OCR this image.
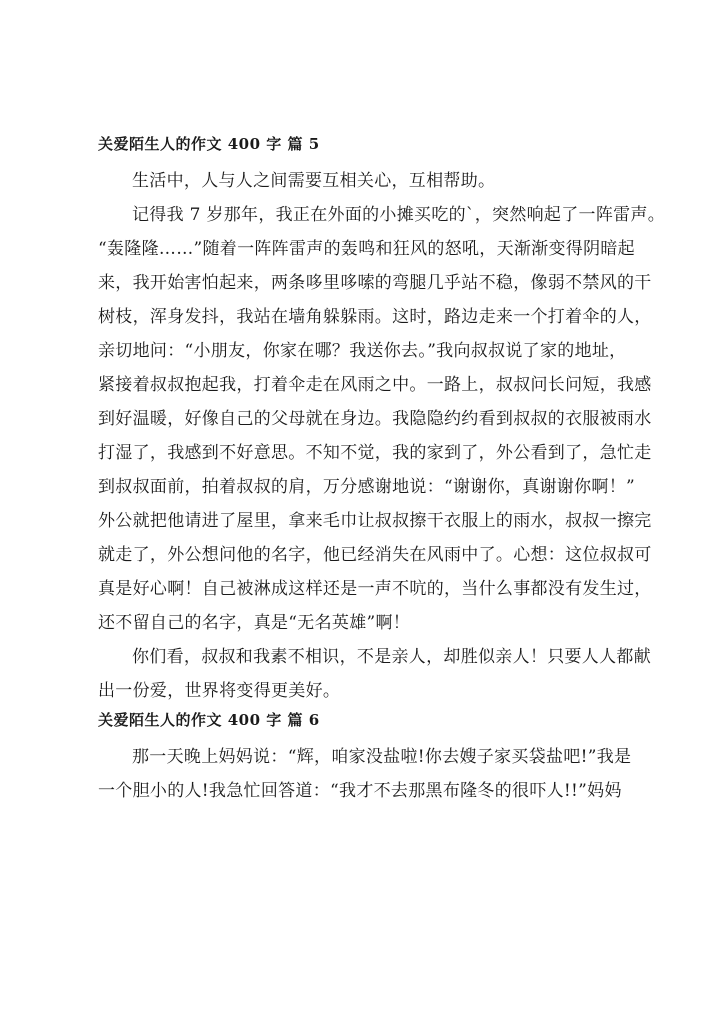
关爱陌生人的作文 400 字 篇 5

生活中，人与人之间需要互相关心，互相帮助。

记得我 7 岁那年，我正在外面的小摊买吃的`，突然响起了一阵雷声。
“轰隆隆……”随着一阵阵雷声的轰鸣和狂风的怒吼，天渐渐变得阴暗起
来，我开始害怕起来，两条哆里哆嗦的弯腿几乎站不稳，像弱不禁风的干
树枝，浑身发抖，我站在墙角躲躲雨。这时，路边走来一个打着伞的人，
亲切地问：“小朋友，你家在哪？我送你去。”我向叔叔说了家的地址，
紧接着叔叔抱起我，打着伞走在风雨之中。一路上，叔叔问长问短，我感
到好温暖，好像自己的父母就在身边。我隐隐约约看到叔叔的衣服被雨水
打湿了，我感到不好意思。不知不觉，我的家到了，外公看到了，急忙走
到叔叔面前，拍着叔叔的肩，万分感谢地说：“谢谢你，真谢谢你啊！”
外公就把他请进了屋里，拿来毛巾让叔叔擦干衣服上的雨水，叔叔一擦完
就走了，外公想问他的名字，他已经消失在风雨中了。心想：这位叔叔可
真是好心啊！自己被淋成这样还是一声不吭的，当什么事都没有发生过，
还不留自己的名字，真是“无名英雄”啊！

你们看，叔叔和我素不相识，不是亲人，却胜似亲人！只要人人都献
出一份爱，世界将变得更美好。

关爱陌生人的作文 400 字 篇 6

那一天晚上妈妈说：“辉，咱家没盐啦!你去嫂子家买袋盐吧!”我是
一个胆小的人!我急忙回答道：“我才不去那黑布隆冬的很吓人!!”妈妈
